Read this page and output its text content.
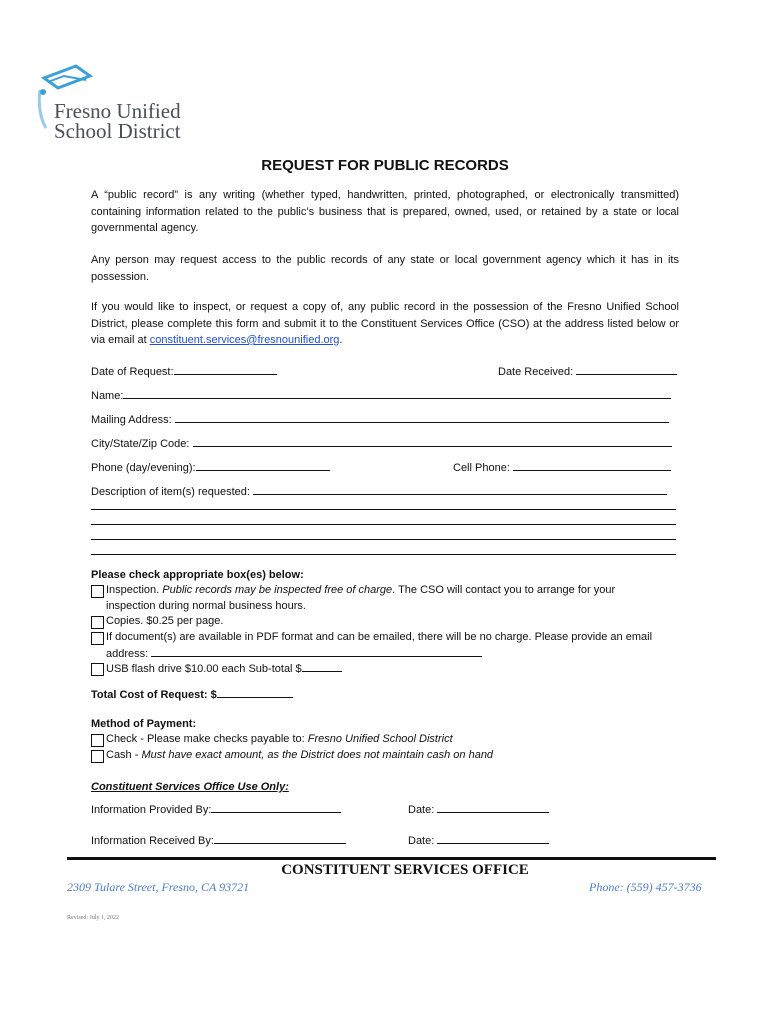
Fresno Unified
School District
REQUEST FOR PUBLIC RECORDS
A “public record” is any writing (whether typed, handwritten, printed, photographed, or electronically transmitted) containing information related to the public’s business that is prepared, owned, used, or retained by a state or local governmental agency.
Any person may request access to the public records of any state or local government agency which it has in its possession.
If you would like to inspect, or request a copy of, any public record in the possession of the Fresno Unified School District, please complete this form and submit it to the Constituent Services Office (CSO) at the address listed below or via email at constituent.services@fresnounified.org.
Date of Request:	Date Received:
Name:
Mailing Address:
City/State/Zip Code:
Phone (day/evening):	Cell Phone:
Description of item(s) requested:
Please check appropriate box(es) below:
Inspection. Public records may be inspected free of charge. The CSO will contact you to arrange for your
inspection during normal business hours.
Copies. $0.25 per page.
If document(s) are available in PDF format and can be emailed, there will be no charge. Please provide an email
address:
USB flash drive $10.00 each Sub-total $
Total Cost of Request: $
Method of Payment:
Check - Please make checks payable to: Fresno Unified School District
Cash - Must have exact amount, as the District does not maintain cash on hand
Constituent Services Office Use Only:
Information Provided By:	Date:
Information Received By:	Date:
CONSTITUENT SERVICES OFFICE
2309 Tulare Street, Fresno, CA 93721	Phone: (559) 457-3736
Revised: July 1, 2022
